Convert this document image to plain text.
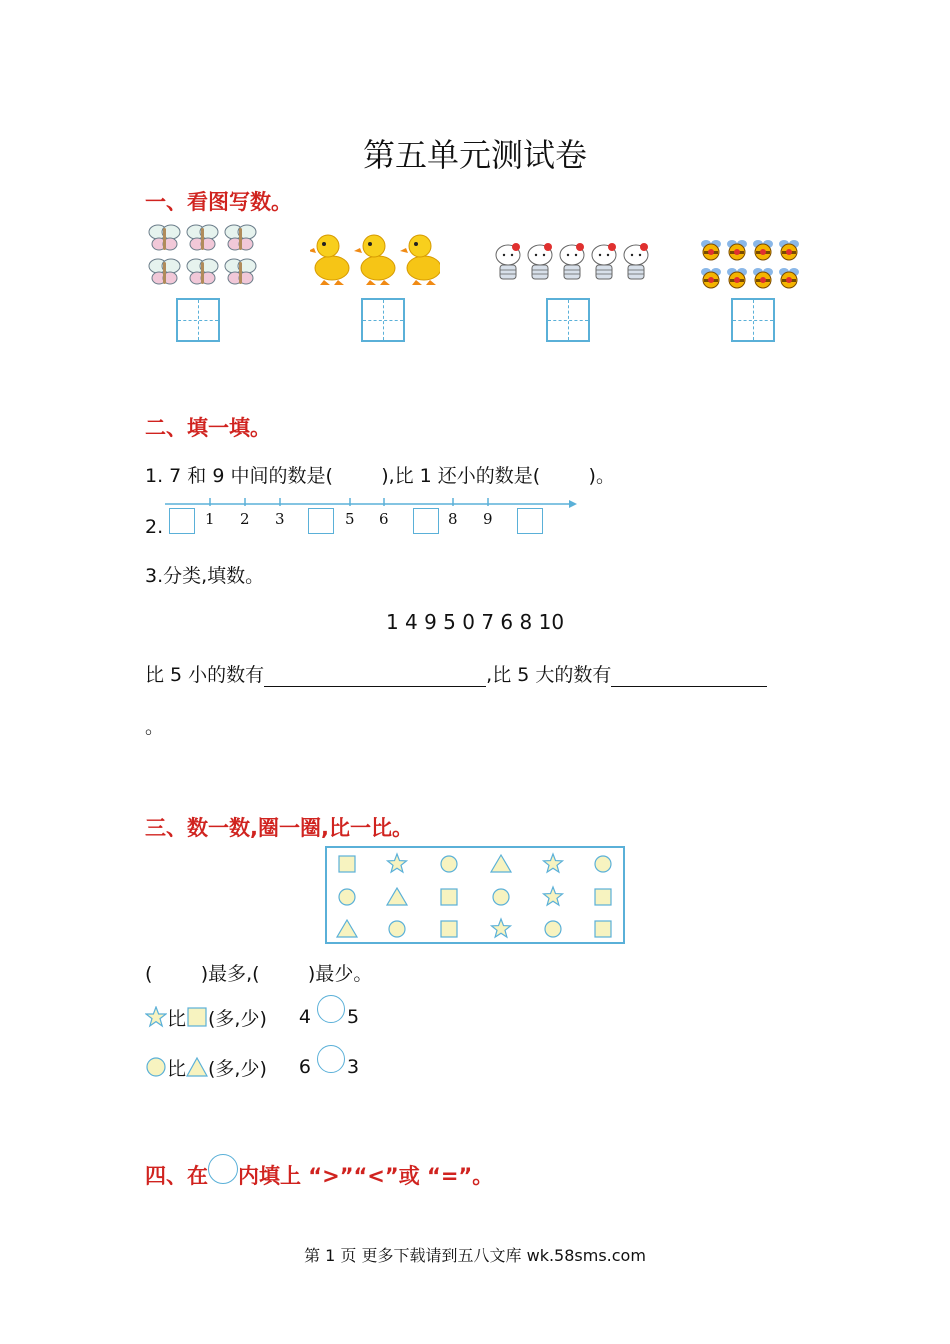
第五单元测试卷
一、看图写数。
二、填一填。
1. 7 和 9 中间的数是(        ),比 1 还小的数是(        )。
2.	1 2 3	5 6	8 9
3.分类,填数。
1 4 9 5 0 7 6 8 10
比 5 小的数有	,比 5 大的数有
。
三、数一数,圈一圈,比一比。
(        )最多,(        )最少。
比 (多,少) 4 5
比 (多,少) 6 3
四、在 内填上 “>”“<”或 “=”。
第 1 页 更多下载请到五八文库 wk.58sms.com
